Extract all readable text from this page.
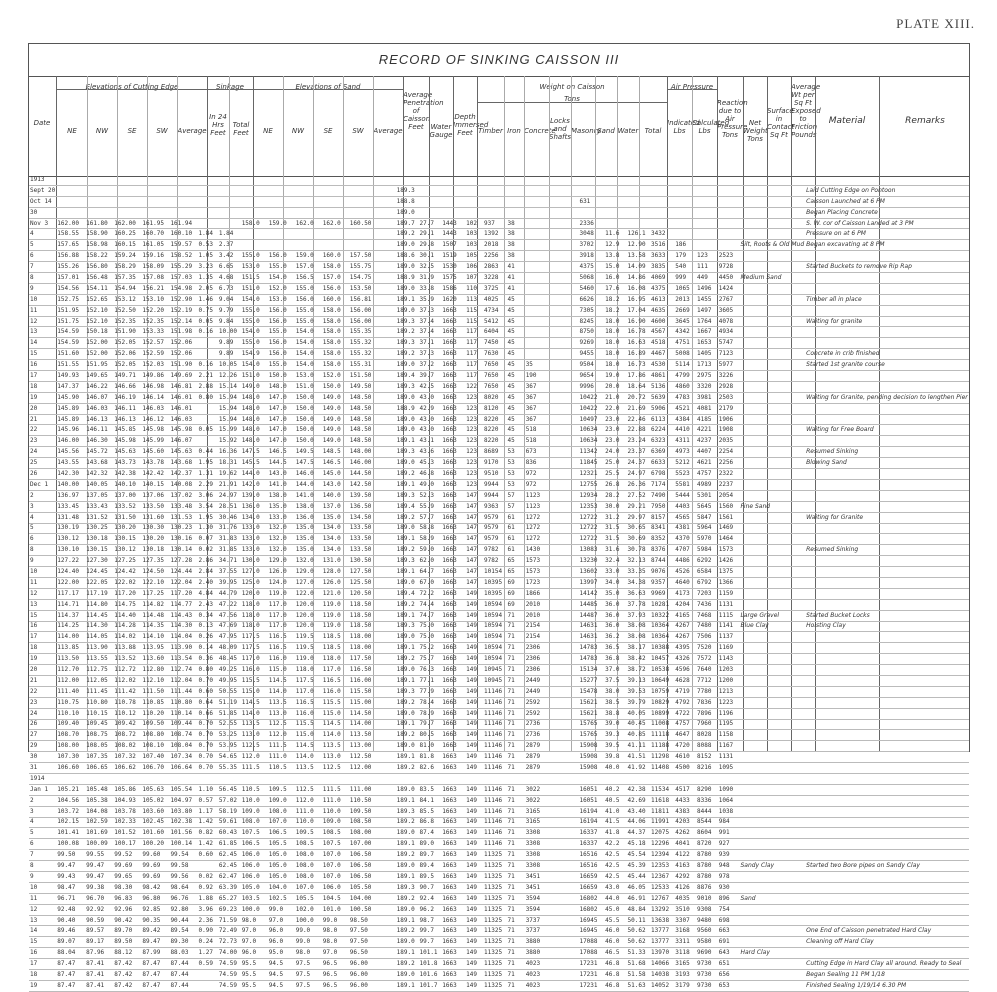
PLATE XIII.
RECORD OF SINKING CAISSON III
Date
Elevations of Cutting Edge
NE	NW	SE	SW	Average
Sinkage
In 24 Hrs Feet
Total Feet
Elevations of Sand
NE	NW	SE	SW	Average
Average Penetration of Caisson Feet Water Gauge
Depth Immersed Feet
Weight on Caisson
Tons
Timber Iron Concrete
Locks and Shafts
Masonry
Sand Water Total
Air Pressure
Indicated Lbs
Calculated Lbs
Reaction due to Air Pressure Tons
Net Weight Tons
Surface in Contact Sq Ft
Average Wt per Sq Ft Exposed to Friction Pounds
Material	Remarks
1913																															
Sept 20														189.3																	Laid Cutting Edge on Pontoon
Oct 14														188.8									631								Caisson Launched at 6 PM
30														189.0																	Began Placing Concrete
Nov 3	162.00	161.80	162.00	161.95	161.94			158.0	159.0	162.0	162.0	160.50		189.7	27.7	1443	102	937	38				2336								S. W. cor of Caisson Landed at 3 PM
4	158.55	158.90	160.25	160.70	160.10	1.84	1.84							189.2	29.1	1443	103	1392	38				3048	11.6	126.1	3432					Pressure on at 6 PM
5	157.65	158.98	160.15	161.05	159.57	0.53	2.37							189.0	29.8	1507	103	2018	38				3702	12.9	12.90	3516	186			Silt, Roots & Old Mud	Began excavating at 8 PM
6	156.88	158.22	159.24	159.16	158.52	1.05	3.42	155.0	156.0	159.0	160.0	157.50		188.6	30.1	1519	105	2256	38				3918	13.8	13.58	3633	179	123	2523		
7	155.26	156.80	158.29	158.09	155.29	3.23	6.65	153.0	155.0	157.0	158.0	155.75		189.0	32.5	1530	106	2863	41				4375	15.0	14.09	3835	540	111	9728		Started Buckets to remove Rip Rap
8	157.01	156.48	157.35	157.08	157.03	1.35	4.68	151.5	154.0	156.5	157.0	154.75		188.9	31.9	1575	107	3228	41				5068	16.0	14.86	4069	999	449	4450	Medium Sand	
9	154.56	154.11	154.94	156.21	154.98	2.05	6.73	151.0	152.0	155.0	156.0	153.50		189.0	33.8	1586	110	3725	41				5460	17.6	16.08	4375	1065	1496	1424		
10	152.75	152.65	153.12	153.10	152.90	1.46	9.04	154.0	153.0	156.0	160.0	156.81		189.1	35.9	1620	113	4025	45				6626	18.2	16.95	4613	2013	1455	2767		Timber all in place
11	151.95	152.10	152.50	152.20	152.19	0.75	9.79	155.0	156.0	155.0	158.0	156.00		189.0	37.3	1663	115	4734	45				7305	18.2	17.04	4635	2669	1497	3605		
12	151.75	152.10	152.35	152.35	152.14	0.05	9.84	155.0	156.0	155.0	158.0	156.00		189.3	37.4	1663	115	5412	45				8245	18.0	16.90	4600	3645	1764	4078		Waiting for granite
13	154.59	150.18	151.90	153.33	151.98	0.16	10.00	154.0	155.0	154.0	158.0	155.35		189.2	37.4	1663	117	6404	45				8750	18.0	16.78	4567	4342	1667	4934		
14	154.59	152.00	152.05	152.57	152.06		9.89	155.0	156.0	154.0	158.0	155.32		189.3	37.1	1663	117	7450	45				9269	18.0	16.63	4518	4751	1653	5747		
15	151.60	152.00	152.06	152.59	152.06		9.89	154.9	156.0	154.0	158.0	155.32		189.2	37.3	1663	117	7630	45				9455	18.0	16.89	4467	5008	1405	7123		Concrete in crib finished
16	151.55	151.95	152.05	152.03	151.90	0.16	10.05	154.0	155.0	154.0	158.0	155.31		189.0	37.2	1663	117	7650	45	35			9504	18.0	16.73	4530	5114	1713	5977		Started 1st granite course
17	149.93	149.65	149.71	149.86	149.69	2.21	12.26	151.0	150.0	153.0	152.0	151.50		189.4	39.7	1663	117	7650	45	190			9654	19.0	17.86	4861	4799	2975	3226		
18	147.37	146.22	146.66	146.98	146.81	2.88	15.14	149.0	148.0	151.0	150.0	149.50		189.3	42.5	1663	122	7650	45	367			9996	20.0	18.64	5136	4860	3320	2928		
19	145.90	146.07	146.19	146.14	146.01	0.80	15.94	148.0	147.0	150.0	149.0	148.50		189.0	43.0	1663	123	8020	45	367			10422	21.0	20.72	5639	4783	3981	2503		Waiting for Granite, pending decision to lengthen Pier
20	145.89	146.03	146.11	146.03	146.01		15.94	148.0	147.0	150.0	149.0	148.50		188.9	42.9	1663	123	8120	45	367			10422	22.0	21.69	5906	4521	4081	2179		
21	145.89	146.13	146.13	146.12	146.03		15.94	148.0	147.0	150.0	149.0	148.50		189.0	43.0	1663	123	8220	45	367			10497	23.0	22.46	6113	4384	4185	1906		
22	145.96	146.11	145.85	145.98	145.98	0.05	15.99	148.0	147.0	150.0	149.0	148.50		189.0	43.0	1663	123	8220	45	518			10634	23.0	22.88	6224	4410	4221	1908		Waiting for Free Board
23	146.00	146.30	145.98	145.99	146.07		15.92	148.0	147.0	150.0	149.0	148.50		189.1	43.1	1663	123	8220	45	518			10634	23.0	23.24	6323	4311	4237	2035		
24	145.56	145.72	145.63	145.60	145.63	0.44	16.36	147.5	146.5	149.5	148.5	148.00		189.3	43.6	1663	123	8689	53	673			11342	24.0	23.37	6369	4973	4407	2254		Resumed Sinking
25	143.55	143.68	143.73	143.78	143.68	1.95	18.31	145.5	144.5	147.5	146.5	146.00		189.0	45.3	1663	123	9170	53	836			11845	25.0	24.37	6633	5212	4621	2256		Blowing Sand
26	142.30	142.32	142.38	142.42	142.37	1.31	19.62	144.0	143.0	146.0	145.0	144.50		189.2	46.8	1663	123	9510	53	972			12321	25.5	24.97	6798	5523	4757	2322		
Dec 1	140.00	140.05	140.10	140.15	140.08	2.29	21.91	142.0	141.0	144.0	143.0	142.50		189.1	49.0	1663	123	9944	53	972			12755	26.8	26.36	7174	5581	4989	2237		
2	136.97	137.05	137.00	137.06	137.02	3.06	24.97	139.0	138.0	141.0	140.0	139.50		189.3	52.3	1663	147	9944	57	1123			12934	28.2	27.52	7490	5444	5301	2054		
3	133.45	133.43	133.52	133.50	133.48	3.54	28.51	136.0	135.0	138.0	137.0	136.50		189.4	55.9	1663	147	9363	57	1123			12353	30.0	29.21	7950	4403	5645	1560	Fine Sand	
4	131.48	131.52	131.50	131.60	131.53	1.95	30.46	134.0	133.0	136.0	135.0	134.50		189.2	57.7	1663	147	9579	61	1272			12722	31.2	29.97	8157	4565	5847	1561		Waiting for Granite
5	130.19	130.25	130.20	130.30	130.23	1.30	31.76	133.0	132.0	135.0	134.0	133.50		189.0	58.8	1663	147	9579	61	1272			12722	31.5	30.65	8341	4381	5964	1469		
6	130.12	130.18	130.15	130.20	130.16	0.07	31.83	133.0	132.0	135.0	134.0	133.50		189.1	58.9	1663	147	9579	61	1272			12722	31.5	30.69	8352	4370	5970	1464		
8	130.10	130.15	130.12	130.18	130.14	0.02	31.85	133.0	132.0	135.0	134.0	133.50		189.2	59.0	1663	147	9782	61	1430			13083	31.6	30.78	8376	4707	5984	1573		Resumed Sinking
9	127.22	127.30	127.25	127.35	127.28	2.86	34.71	130.0	129.0	132.0	131.0	130.50		189.3	62.0	1663	147	9782	65	1573			13230	32.4	32.13	8744	4486	6292	1426		
10	124.40	124.45	124.42	124.50	124.44	2.84	37.55	127.0	126.0	129.0	128.0	127.50		189.1	64.7	1663	147	10154	65	1573			13602	33.0	33.35	9076	4526	6584	1375		
11	122.00	122.05	122.02	122.10	122.04	2.40	39.95	125.0	124.0	127.0	126.0	125.50		189.0	67.0	1663	147	10395	69	1723			13997	34.0	34.38	9357	4640	6792	1366		
12	117.17	117.19	117.20	117.25	117.20	4.84	44.79	120.0	119.0	122.0	121.0	120.50		189.4	72.2	1663	149	10395	69	1866			14142	35.0	36.63	9969	4173	7203	1159		
13	114.71	114.80	114.75	114.82	114.77	2.43	47.22	118.0	117.0	120.0	119.0	118.50		189.2	74.4	1663	149	10594	69	2010			14485	36.0	37.78	10281	4204	7436	1131		
15	114.37	114.45	114.40	114.48	114.43	0.34	47.56	118.0	117.0	120.0	119.0	118.50		189.1	74.7	1663	149	10594	71	2010			14487	36.0	37.93	10322	4165	7468	1115	Large Gravel	Started Bucket Locks
16	114.25	114.30	114.28	114.35	114.30	0.13	47.69	118.0	117.0	120.0	119.0	118.50		189.3	75.0	1663	149	10594	71	2154			14631	36.0	38.08	10364	4267	7480	1141	Blue Clay	Hoisting Clay
17	114.00	114.05	114.02	114.10	114.04	0.26	47.95	117.5	116.5	119.5	118.5	118.00		189.0	75.0	1663	149	10594	71	2154			14631	36.2	38.08	10364	4267	7506	1137		
18	113.85	113.90	113.88	113.95	113.90	0.14	48.09	117.5	116.5	119.5	118.5	118.00		189.1	75.2	1663	149	10594	71	2306			14783	36.5	38.17	10388	4395	7520	1169		
19	113.50	113.55	113.52	113.60	113.54	0.36	48.45	117.0	116.0	119.0	118.0	117.50		189.2	75.7	1663	149	10594	71	2306			14783	36.8	38.42	10457	4326	7572	1143		
20	112.70	112.75	112.72	112.80	112.74	0.80	49.25	116.0	115.0	118.0	117.0	116.50		189.0	76.3	1663	149	10945	71	2306			15134	37.0	38.72	10538	4596	7640	1203		
21	112.00	112.05	112.02	112.10	112.04	0.70	49.95	115.5	114.5	117.5	116.5	116.00		189.1	77.1	1663	149	10945	71	2449			15277	37.5	39.13	10649	4628	7712	1200		
22	111.40	111.45	111.42	111.50	111.44	0.60	50.55	115.0	114.0	117.0	116.0	115.50		189.3	77.9	1663	149	11146	71	2449			15478	38.0	39.53	10759	4719	7780	1213		
23	110.75	110.80	110.78	110.85	110.80	0.64	51.19	114.5	113.5	116.5	115.5	115.00		189.2	78.4	1663	149	11146	71	2592			15621	38.5	39.79	10829	4792	7836	1223		
24	110.10	110.15	110.12	110.20	110.14	0.66	51.85	114.0	113.0	116.0	115.0	114.50		189.0	78.9	1663	149	11146	71	2592			15621	38.8	40.05	10899	4722	7896	1196		
26	109.40	109.45	109.42	109.50	109.44	0.70	52.55	113.5	112.5	115.5	114.5	114.00		189.1	79.7	1663	149	11146	71	2736			15765	39.0	40.45	11008	4757	7960	1195		
27	108.70	108.75	108.72	108.80	108.74	0.70	53.25	113.0	112.0	115.0	114.0	113.50		189.2	80.5	1663	149	11146	71	2736			15765	39.3	40.85	11118	4647	8028	1158		
29	108.00	108.05	108.02	108.10	108.04	0.70	53.95	112.5	111.5	114.5	113.5	113.00		189.0	81.0	1663	149	11146	71	2879			15908	39.5	41.11	11188	4720	8088	1167		
30	107.30	107.35	107.32	107.40	107.34	0.70	54.65	112.0	111.0	114.0	113.0	112.50		189.1	81.8	1663	149	11146	71	2879			15908	39.8	41.51	11298	4610	8152	1131		
31	106.60	106.65	106.62	106.70	106.64	0.70	55.35	111.5	110.5	113.5	112.5	112.00		189.2	82.6	1663	149	11146	71	2879			15908	40.0	41.92	11408	4500	8216	1095		
1914																															
Jan 1	105.21	105.48	105.86	105.63	105.54	1.10	56.45	110.5	109.5	112.5	111.5	111.00		189.0	83.5	1663	149	11146	71	3022			16051	40.2	42.38	11534	4517	8290	1090		
2	104.56	105.38	104.93	105.02	104.97	0.57	57.02	110.0	109.0	112.0	111.0	110.50		189.1	84.1	1663	149	11146	71	3022			16051	40.5	42.69	11618	4433	8336	1064		
3	103.72	104.08	103.78	103.60	103.80	1.17	58.19	109.0	108.0	111.0	110.0	109.50		189.3	85.5	1663	149	11146	71	3165			16194	41.0	43.40	11811	4383	8444	1038		
4	102.15	102.59	102.33	102.45	102.38	1.42	59.61	108.0	107.0	110.0	109.0	108.50		189.2	86.8	1663	149	11146	71	3165			16194	41.5	44.06	11991	4203	8544	984		
5	101.41	101.69	101.52	101.60	101.56	0.82	60.43	107.5	106.5	109.5	108.5	108.00		189.0	87.4	1663	149	11146	71	3308			16337	41.8	44.37	12075	4262	8604	991		
6	100.08	100.09	100.17	100.20	100.14	1.42	61.85	106.5	105.5	108.5	107.5	107.00		189.1	89.0	1663	149	11146	71	3308			16337	42.2	45.18	12296	4041	8720	927		
7	99.50	99.55	99.52	99.60	99.54	0.60	62.45	106.0	105.0	108.0	107.0	106.50		189.2	89.7	1663	149	11325	71	3308			16516	42.5	45.54	12394	4122	8780	939		
8	99.47	99.47	99.69	99.69	99.58		62.45	106.0	105.0	108.0	107.0	106.50		189.0	89.4	1663	149	11325	71	3308			16516	42.5	45.39	12353	4163	8780	948	Sandy Clay	Started two Bore pipes on Sandy Clay
9	99.43	99.47	99.65	99.69	99.56	0.02	62.47	106.0	105.0	108.0	107.0	106.50		189.1	89.5	1663	149	11325	71	3451			16659	42.5	45.44	12367	4292	8780	978		
10	98.47	99.38	98.30	98.42	98.64	0.92	63.39	105.0	104.0	107.0	106.0	105.50		189.3	90.7	1663	149	11325	71	3451			16659	43.0	46.05	12533	4126	8876	930		
11	96.71	96.70	96.83	96.80	96.76	1.88	65.27	103.5	102.5	105.5	104.5	104.00		189.2	92.4	1663	149	11325	71	3594			16802	44.0	46.91	12767	4035	9010	896	Sand	
12	92.48	92.92	92.96	92.85	92.80	3.96	69.23	100.0	99.0	102.0	101.0	100.50		189.0	96.2	1663	149	11325	71	3594			16802	45.0	48.84	13292	3510	9308	754		
13	90.40	90.59	90.42	90.35	90.44	2.36	71.59	98.0	97.0	100.0	99.0	98.50		189.1	98.7	1663	149	11325	71	3737			16945	45.5	50.11	13638	3307	9480	698		
14	89.46	89.57	89.70	89.42	89.54	0.90	72.49	97.0	96.0	99.0	98.0	97.50		189.2	99.7	1663	149	11325	71	3737			16945	46.0	50.62	13777	3168	9560	663		One End of Caisson penetrated Hard Clay
15	89.07	89.17	89.50	89.47	89.30	0.24	72.73	97.0	96.0	99.0	98.0	97.50		189.0	99.7	1663	149	11325	71	3880			17088	46.0	50.62	13777	3311	9580	691		Cleaning off Hard Clay
16	88.04	87.96	88.12	87.99	88.03	1.27	74.00	96.0	95.0	98.0	97.0	96.50		189.1	101.1	1663	149	11325	71	3880			17088	46.5	51.33	13970	3118	9690	643	Hard Clay	
17	87.47	87.41	87.42	87.47	87.44	0.59	74.59	95.5	94.5	97.5	96.5	96.00		189.2	101.8	1663	149	11325	71	4023			17231	46.8	51.68	14066	3165	9730	651		Cutting Edge in Hard Clay all around. Ready to Seal
18	87.47	87.41	87.42	87.47	87.44		74.59	95.5	94.5	97.5	96.5	96.00		189.0	101.6	1663	149	11325	71	4023			17231	46.8	51.58	14038	3193	9730	656		Began Sealing 11 PM 1/18
19	87.47	87.41	87.42	87.47	87.44		74.59	95.5	94.5	97.5	96.5	96.00		189.1	101.7	1663	149	11325	71	4023			17231	46.8	51.63	14052	3179	9730	653		Finished Sealing 1/19/14 6.30 PM
